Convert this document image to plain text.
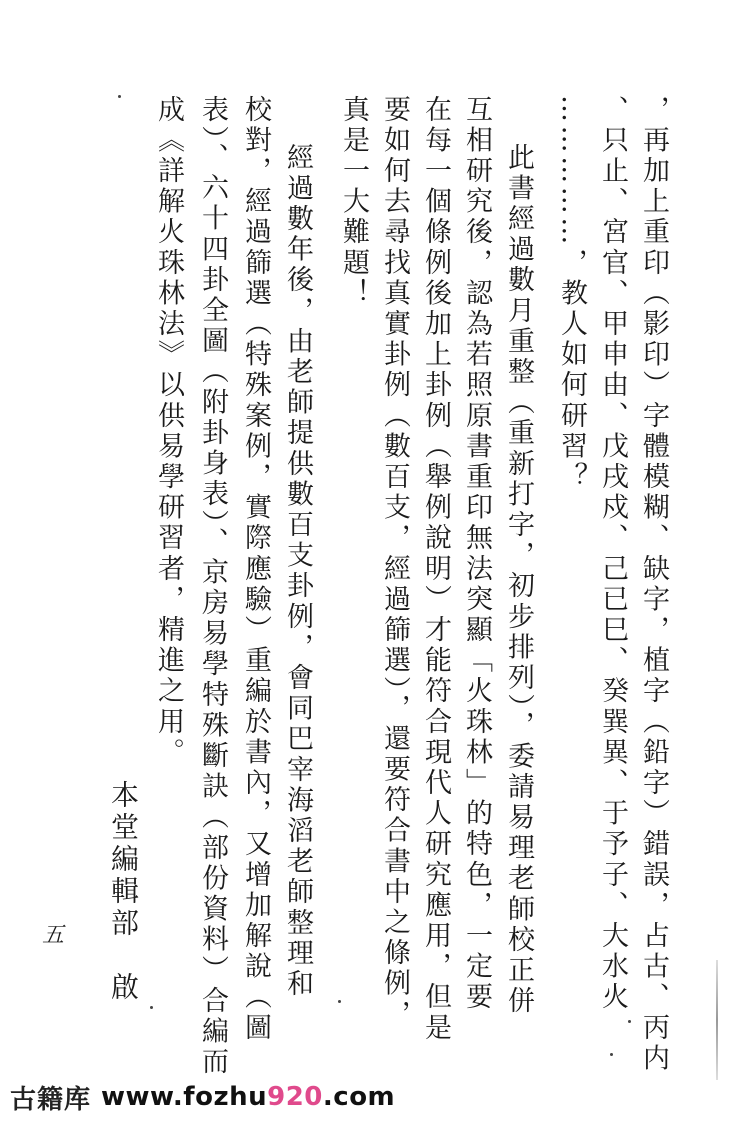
，再加上重印（影印）字體模糊、缺字，植字（鉛字）錯誤，占古、丙内
、只止、宮官、甲申由、戊戌戍、己已巳、癸巽異、于予子、大水火
……………，教人如何研習？
此書經過數月重整（重新打字，初步排列），委請易理老師校正併
互相研究後，認為若照原書重印無法突顯「火珠林」的特色，一定要
在每一個條例後加上卦例（舉例說明）才能符合現代人研究應用，但是
要如何去尋找真實卦例（數百支，經過篩選），還要符合書中之條例，
真是一大難題！
經過數年後，由老師提供數百支卦例，會同巴宰海滔老師整理和
校對，經過篩選（特殊案例，實際應驗）重編於書內，又增加解說（圖
表）、六十四卦全圖（附卦身表）、京房易學特殊斷訣（部份資料）合編而
成《詳解火珠林法》以供易學研習者，精進之用。
本堂編輯部　啟
五
古籍库 www.fozhu920.com
